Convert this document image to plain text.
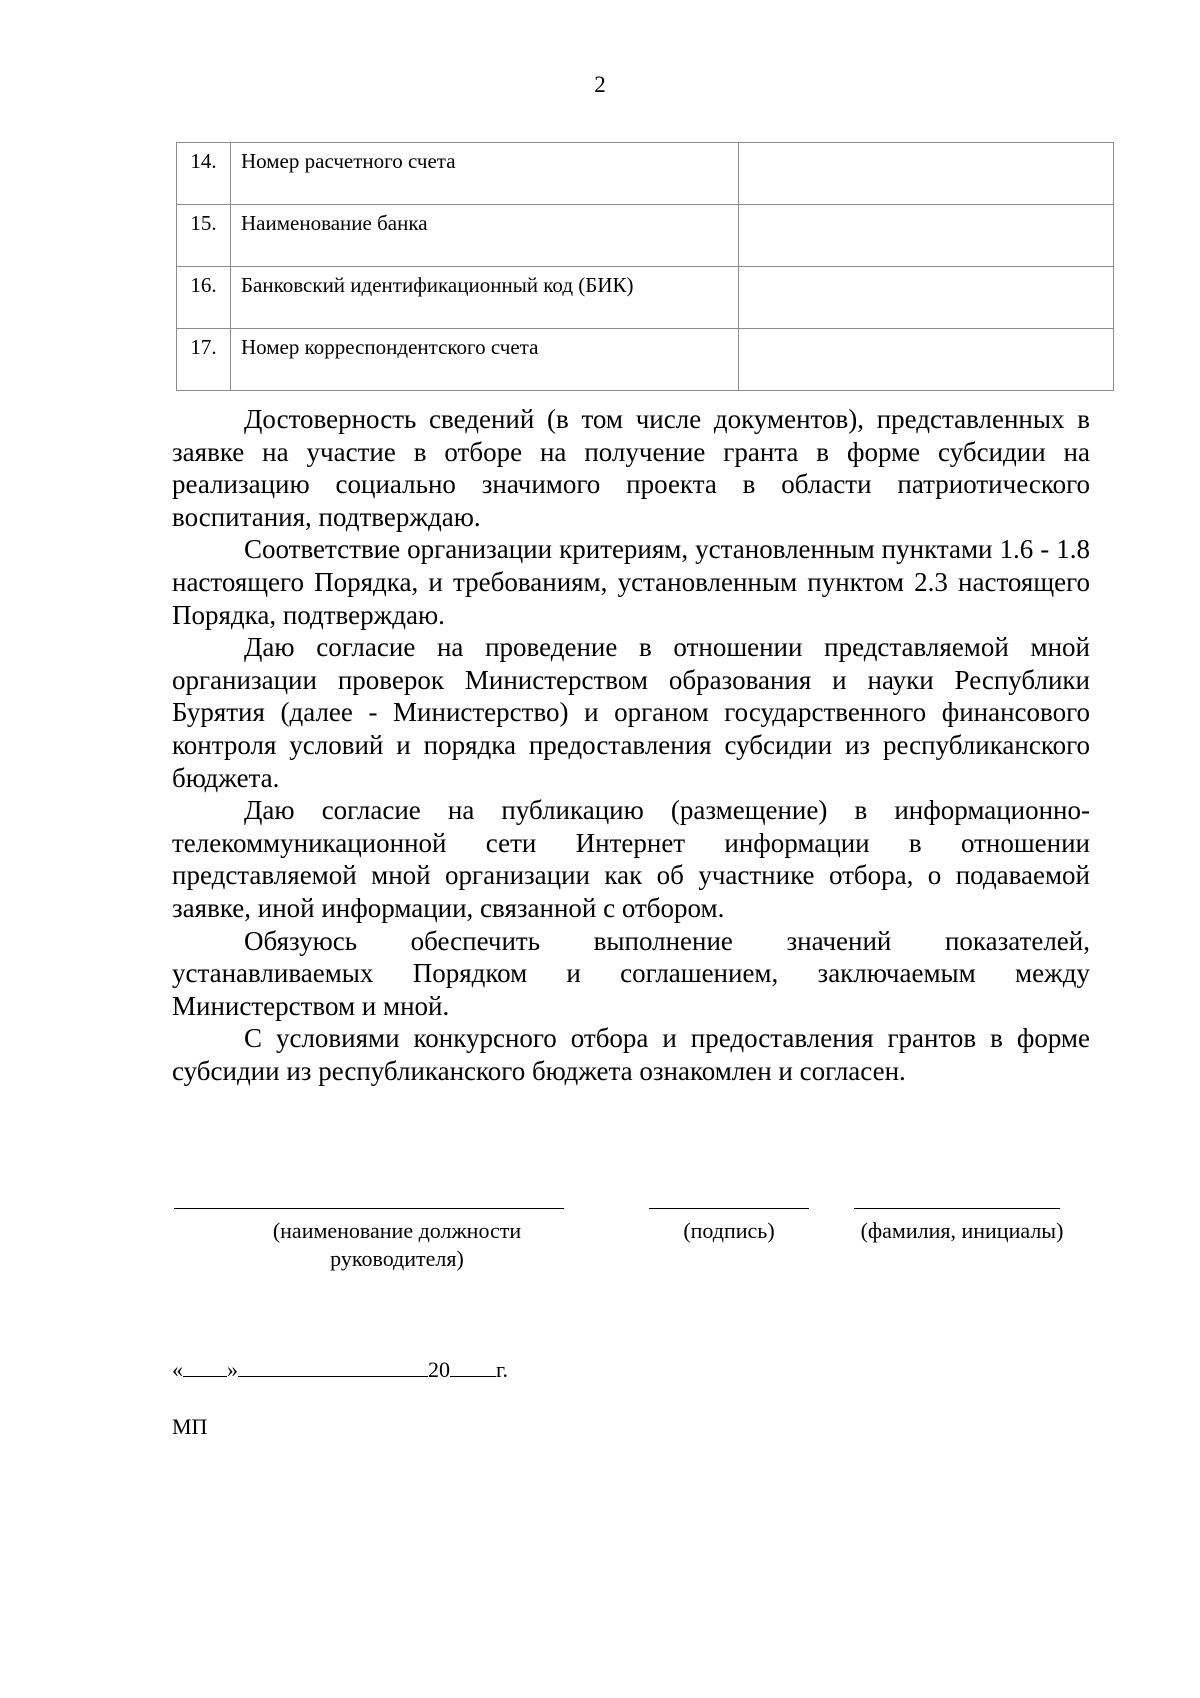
2
14.	Номер расчетного счета	
15.	Наименование банка	
16.	Банковский идентификационный код (БИК)	
17.	Номер корреспондентского счета	

Достоверность сведений (в том числе документов), представленных в заявке на участие в отборе на получение гранта в форме субсидии на реализацию социально значимого проекта в области патриотического воспитания, подтверждаю.

Соответствие организации критериям, установленным пунктами 1.6 - 1.8 настоящего Порядка, и требованиям, установленным пунктом 2.3 настоящего Порядка, подтверждаю.

Даю согласие на проведение в отношении представляемой мной организации проверок Министерством образования и науки Республики Бурятия (далее - Министерство) и органом государственного финансового контроля условий и порядка предоставления субсидии из республиканского бюджета.

Даю согласие на публикацию (размещение) в информационно-телекоммуникационной сети Интернет информации в отношении представляемой мной организации как об участнике отбора, о подаваемой заявке, иной информации, связанной с отбором.

Обязуюсь обеспечить выполнение значений показателей, устанавливаемых Порядком и соглашением, заключаемым между Министерством и мной.

С условиями конкурсного отбора и предоставления грантов в форме субсидии из республиканского бюджета ознакомлен и согласен.

(наименование должности руководителя)
(подпись)	(фамилия, инициалы)
« »	20 г.
МП
